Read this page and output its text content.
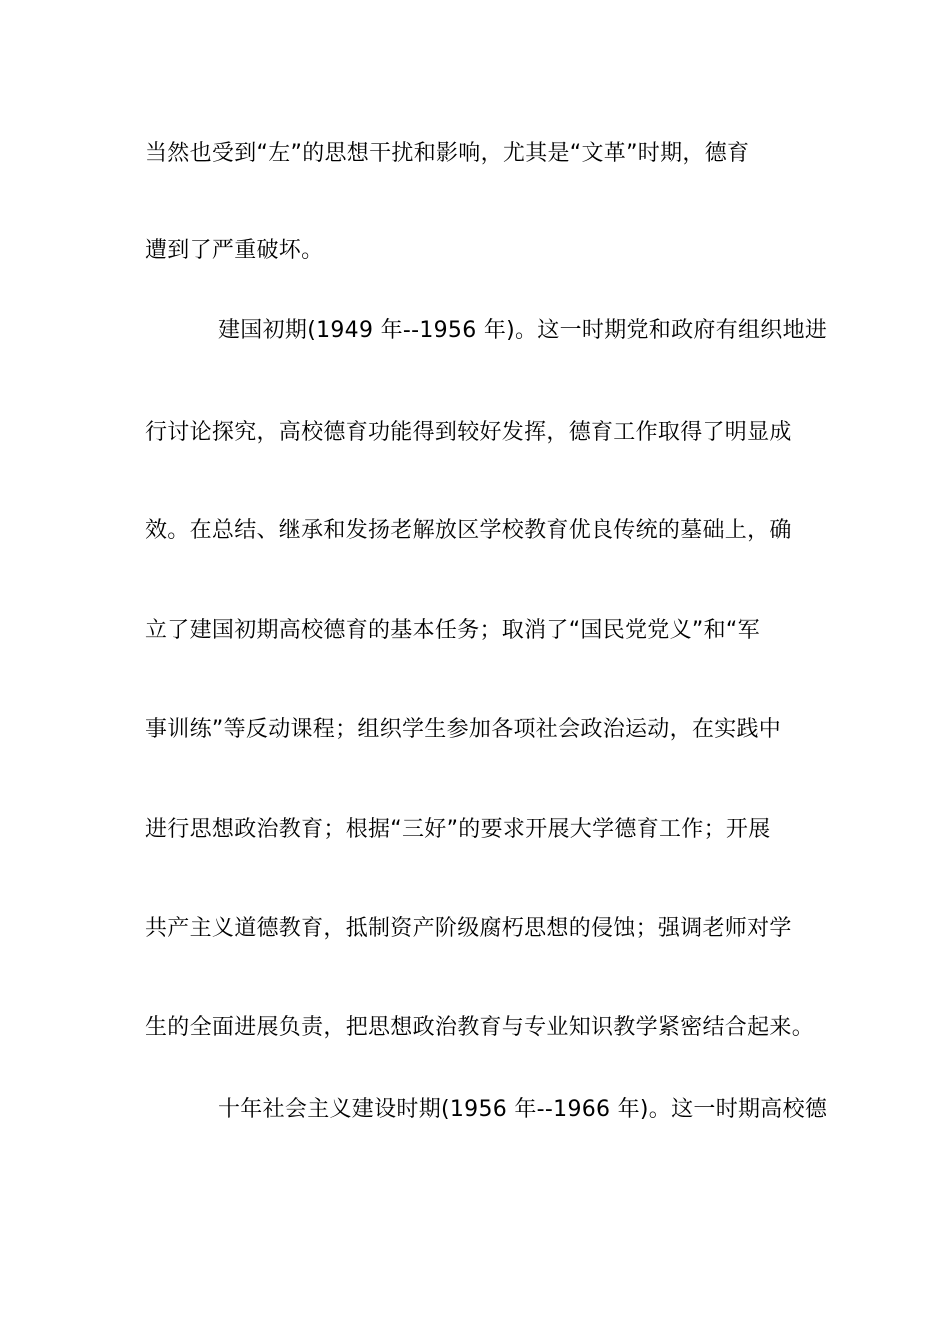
当然也受到“左”的思想干扰和影响，尤其是“文革”时期，德育
遭到了严重破坏。
建国初期(1949 年--1956 年)。这一时期党和政府有组织地进
行讨论探究，高校德育功能得到较好发挥，德育工作取得了明显成
效。在总结、继承和发扬老解放区学校教育优良传统的墓础上，确
立了建国初期高校德育的基本任务；取消了“国民党党义”和“军
事训练”等反动课程；组织学生参加各项社会政治运动，在实践中
进行思想政治教育；根据“三好”的要求开展大学德育工作；开展
共产主义道德教育，抵制资产阶级腐朽思想的侵蚀；强调老师对学
生的全面进展负责，把思想政治教育与专业知识教学紧密结合起来。
十年社会主义建设时期(1956 年--1966 年)。这一时期高校德
